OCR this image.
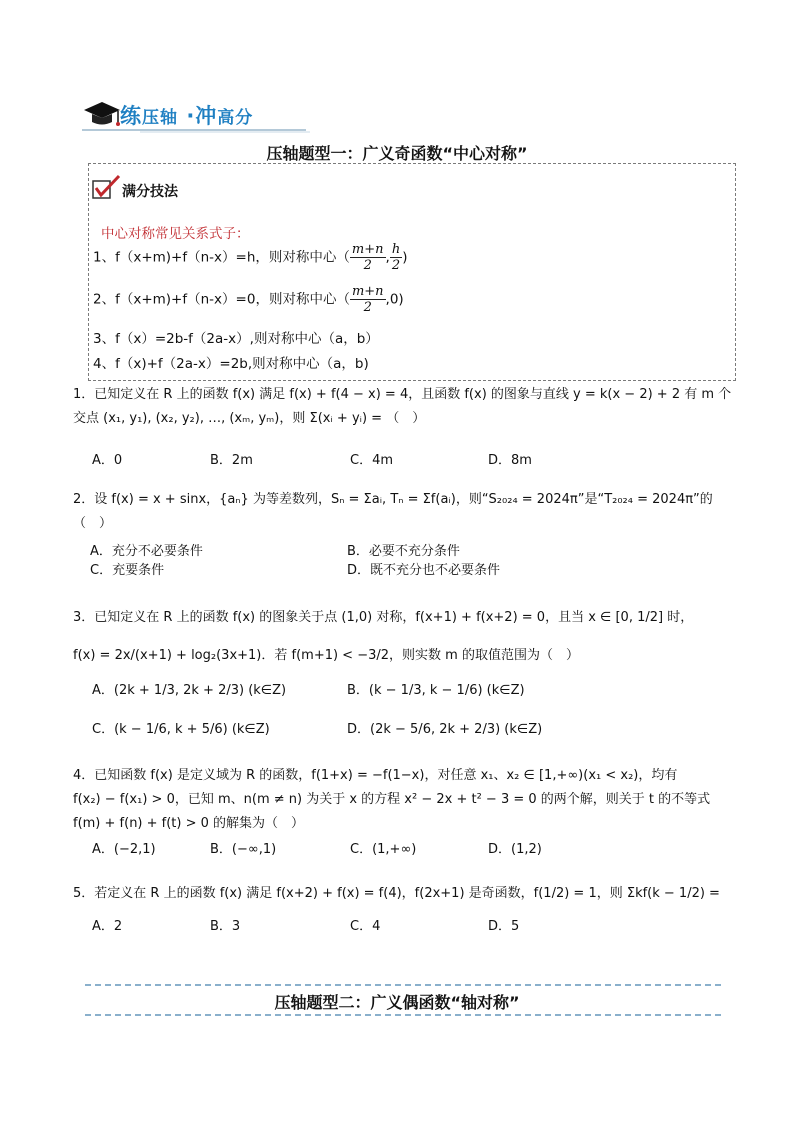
练压轴 ·冲高分
压轴题型一：广义奇函数“中心对称”
满分技法
中心对称常见关系式子：
1、f（x+m)+f（n-x）=h，则对称中心（ $\frac{m+n}{2}$ , $\frac{h}{2}$ )
2、f（x+m)+f（n-x）=0，则对称中心（ $\frac{m+n}{2} ,0$)
3、f（x）=2b-f（2a-x）,则对称中心（a，b）
4、f（x)+f（2a-x）=2b,则对称中心（a，b)
1．已知定义在 R 上的函数 f(x) 满足 f(x) + f(4 − x) = 4，且函数 f(x) 的图象与直线 y = k(x − 2) + 2 有 m 个
交点 (x₁, y₁), (x₂, y₂), …, (xₘ, yₘ)，则 Σ(xᵢ + yᵢ) = （　）
A．0	B．2m	C．4m	D．8m
2．设 f(x) = x + sinx，{aₙ} 为等差数列，Sₙ = Σaᵢ, Tₙ = Σf(aᵢ)，则“S₂₀₂₄ = 2024π”是“T₂₀₂₄ = 2024π”的
（　）
A．充分不必要条件	B．必要不充分条件
C．充要条件	D．既不充分也不必要条件
3．已知定义在 R 上的函数 f(x) 的图象关于点 (1,0) 对称，f(x+1) + f(x+2) = 0，且当 x ∈ [0, 1/2] 时，
f(x) = 2x/(x+1) + log₂(3x+1)．若 f(m+1) < −3/2，则实数 m 的取值范围为（　）
A．(2k + 1/3, 2k + 2/3) (k∈Z)	B．(k − 1/3, k − 1/6) (k∈Z)
C．(k − 1/6, k + 5/6) (k∈Z)	D．(2k − 5/6, 2k + 2/3) (k∈Z)
4．已知函数 f(x) 是定义域为 R 的函数，f(1+x) = −f(1−x)，对任意 x₁、x₂ ∈ [1,+∞)(x₁ < x₂)，均有
f(x₂) − f(x₁) > 0，已知 m、n(m ≠ n) 为关于 x 的方程 x² − 2x + t² − 3 = 0 的两个解，则关于 t 的不等式
f(m) + f(n) + f(t) > 0 的解集为（　）
A．(−2,1)	B．(−∞,1)	C．(1,+∞)	D．(1,2)
5．若定义在 R 上的函数 f(x) 满足 f(x+2) + f(x) = f(4)，f(2x+1) 是奇函数，f(1/2) = 1，则 Σkf(k − 1/2) =
A．2	B．3	C．4	D．5
压轴题型二：广义偶函数“轴对称”
